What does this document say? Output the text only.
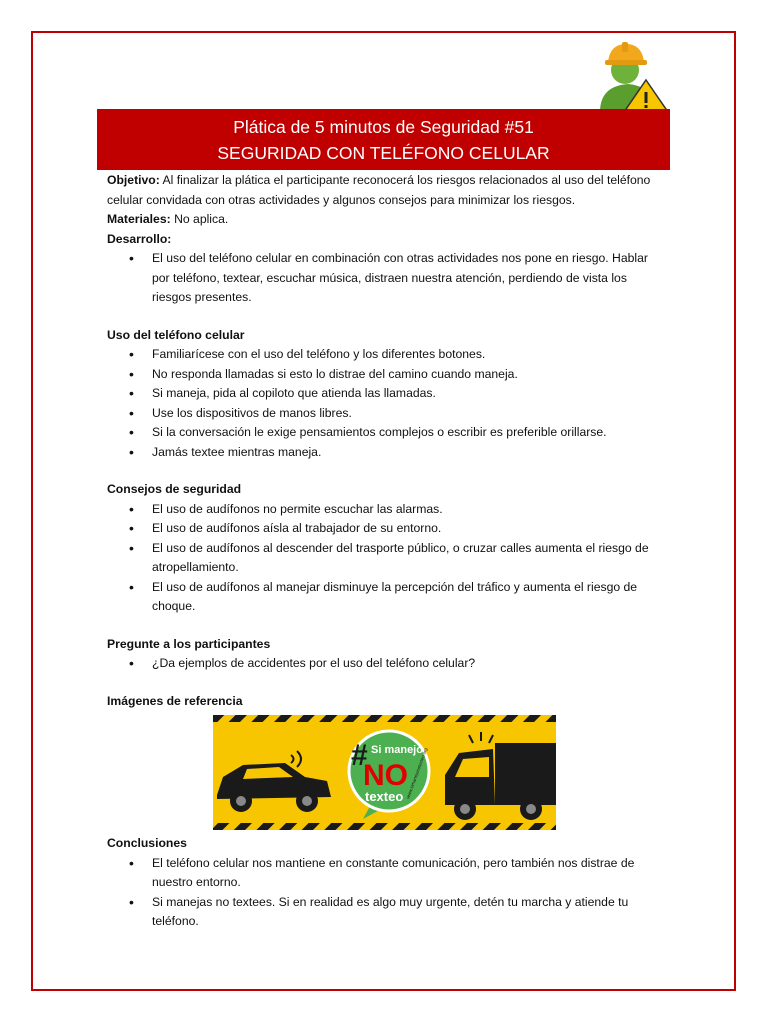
Plática de 5 minutos de Seguridad #51
SEGURIDAD CON TELÉFONO CELULAR

Objetivo: Al finalizar la plática el participante reconocerá los riesgos relacionados al uso del teléfono celular convidada con otras actividades y algunos consejos para minimizar los riesgos.

Materiales: No aplica.

Desarrollo:

• El uso del teléfono celular en combinación con otras actividades nos pone en riesgo. Hablar por teléfono, textear, escuchar música, distraen nuestra atención, perdiendo de vista los riesgos presentes.

Uso del teléfono celular

• Familiarícese con el uso del teléfono y los diferentes botones.
• No responda llamadas si esto lo distrae del camino cuando maneja.
• Si maneja, pida al copiloto que atienda las llamadas.
• Use los dispositivos de manos libres.
• Si la conversación le exige pensamientos complejos o escribir es preferible orillarse.
• Jamás textee mientras maneja.

Consejos de seguridad

• El uso de audífonos no permite escuchar las alarmas.
• El uso de audífonos aísla al trabajador de su entorno.
• El uso de audífonos al descender del trasporte público, o cruzar calles aumenta el riesgo de atropellamiento.
• El uso de audífonos al manejar disminuye la percepción del tráfico y aumenta el riesgo de choque.

Pregunte a los participantes

• ¿Da ejemplos de accidentes por el uso del teléfono celular?

Imágenes de referencia

# Si manejo
NO
texteo www.simanejonotexteo.org

Conclusiones

• El teléfono celular nos mantiene en constante comunicación, pero también nos distrae de nuestro entorno.
• Si manejas no textees. Si en realidad es algo muy urgente, detén tu marcha y atiende tu teléfono.
